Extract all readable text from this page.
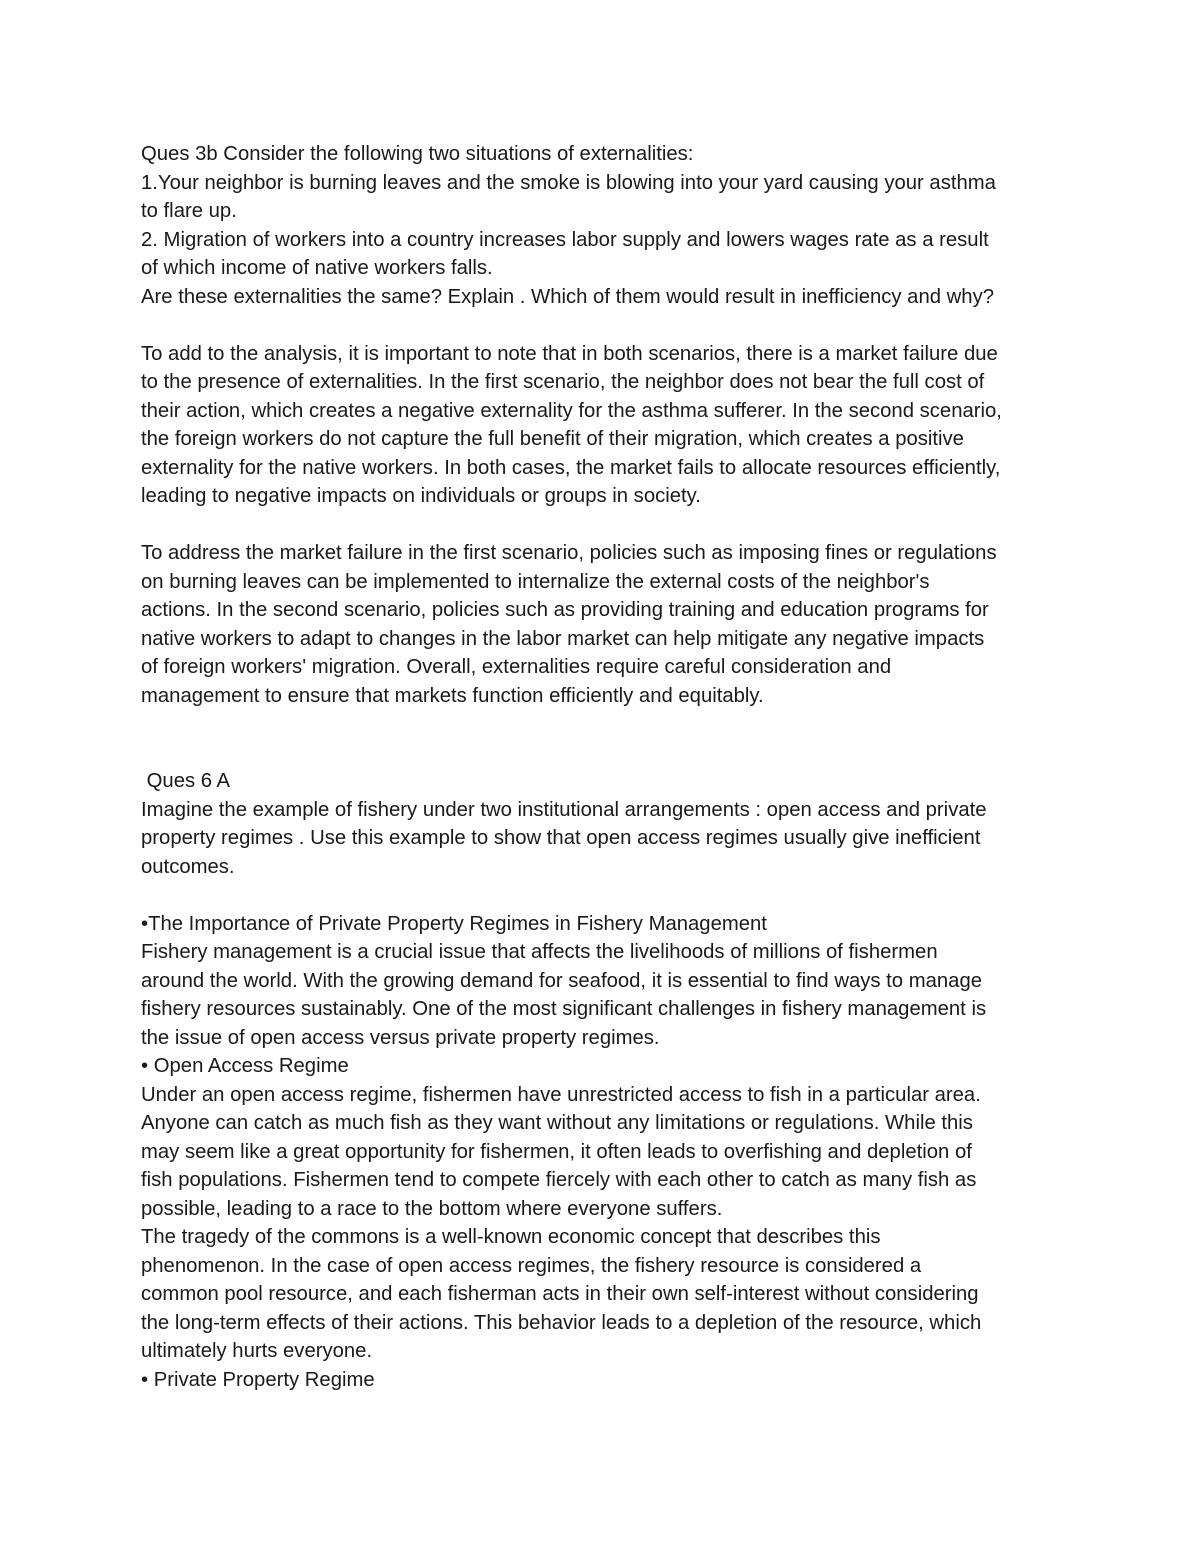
Ques 3b Consider the following two situations of externalities:
1.Your neighbor is burning leaves and the smoke is blowing into your yard causing your asthma
to flare up.
2. Migration of workers into a country increases labor supply and lowers wages rate as a result
of which income of native workers falls.
Are these externalities the same? Explain . Which of them would result in inefficiency and why?
To add to the analysis, it is important to note that in both scenarios, there is a market failure due
to the presence of externalities. In the first scenario, the neighbor does not bear the full cost of
their action, which creates a negative externality for the asthma sufferer. In the second scenario,
the foreign workers do not capture the full benefit of their migration, which creates a positive
externality for the native workers. In both cases, the market fails to allocate resources efficiently,
leading to negative impacts on individuals or groups in society.
To address the market failure in the first scenario, policies such as imposing fines or regulations
on burning leaves can be implemented to internalize the external costs of the neighbor's
actions. In the second scenario, policies such as providing training and education programs for
native workers to adapt to changes in the labor market can help mitigate any negative impacts
of foreign workers' migration. Overall, externalities require careful consideration and
management to ensure that markets function efficiently and equitably.
Ques 6 A
Imagine the example of fishery under two institutional arrangements : open access and private
property regimes . Use this example to show that open access regimes usually give inefficient
outcomes.
•The Importance of Private Property Regimes in Fishery Management
Fishery management is a crucial issue that affects the livelihoods of millions of fishermen
around the world. With the growing demand for seafood, it is essential to find ways to manage
fishery resources sustainably. One of the most significant challenges in fishery management is
the issue of open access versus private property regimes.
• Open Access Regime
Under an open access regime, fishermen have unrestricted access to fish in a particular area.
Anyone can catch as much fish as they want without any limitations or regulations. While this
may seem like a great opportunity for fishermen, it often leads to overfishing and depletion of
fish populations. Fishermen tend to compete fiercely with each other to catch as many fish as
possible, leading to a race to the bottom where everyone suffers.
The tragedy of the commons is a well-known economic concept that describes this
phenomenon. In the case of open access regimes, the fishery resource is considered a
common pool resource, and each fisherman acts in their own self-interest without considering
the long-term effects of their actions. This behavior leads to a depletion of the resource, which
ultimately hurts everyone.
• Private Property Regime
